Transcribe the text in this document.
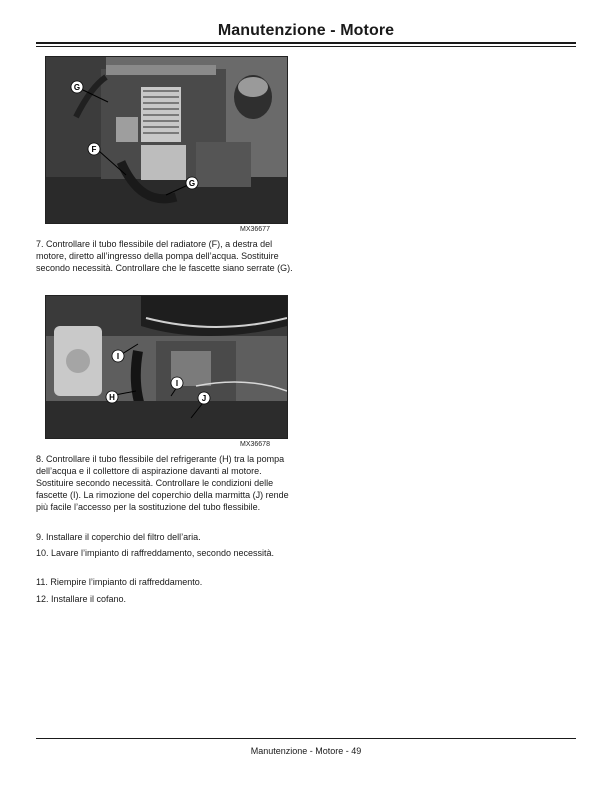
Manutenzione - Motore
G
F
G
MX36677

7. Controllare il tubo flessibile del radiatore (F), a destra del motore, diretto all’ingresso della pompa dell’acqua. Sostituire secondo necessità. Controllare che le fascette siano serrate (G).

I
I
H	J
MX36678

8. Controllare il tubo flessibile del refrigerante (H) tra la pompa dell’acqua e il collettore di aspirazione davanti al motore. Sostituire secondo necessità. Controllare le condizioni delle fascette (I). La rimozione del coperchio della marmitta (J) rende più facile l’accesso per la sostituzione del tubo flessibile.

9. Installare il coperchio del filtro dell’aria.

10. Lavare l’impianto di raffreddamento, secondo necessità.

11. Riempire l’impianto di raffreddamento.

12. Installare il cofano.

Manutenzione - Motore - 49
